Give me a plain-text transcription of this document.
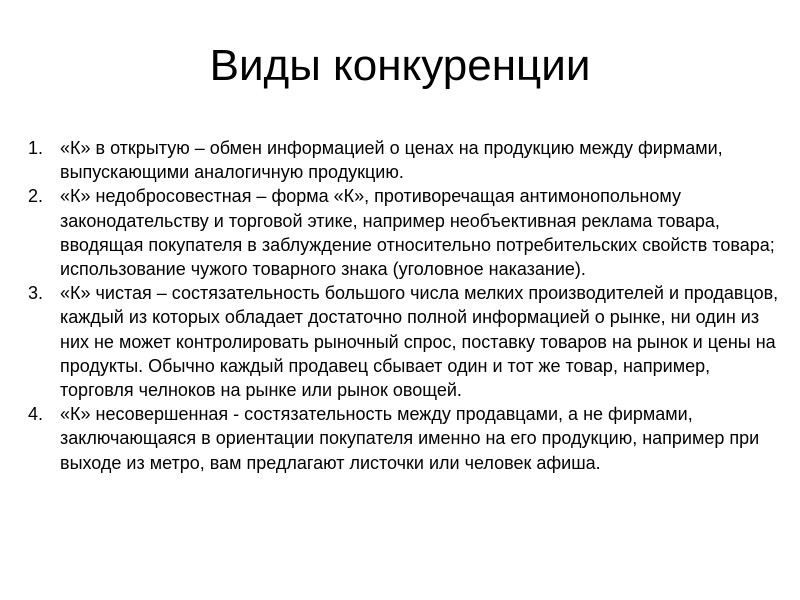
Виды конкуренции
1. «К» в открытую – обмен информацией о ценах на продукцию между фирмами, выпускающими аналогичную продукцию.
2. «К» недобросовестная – форма «К», противоречащая антимонопольному законодательству и торговой этике, например необъективная реклама товара, вводящая покупателя в заблуждение относительно потребительских свойств товара; использование чужого товарного знака (уголовное наказание).
3. «К» чистая – состязательность большого числа мелких производителей и продавцов, каждый из которых обладает достаточно полной информацией о рынке, ни один из них не может контролировать рыночный спрос, поставку товаров на рынок и цены на продукты. Обычно каждый продавец сбывает один и тот же товар, например, торговля челноков на рынке или рынок овощей.
4. «К» несовершенная - состязательность между продавцами, а не фирмами, заключающаяся в ориентации покупателя именно на его продукцию, например при выходе из метро, вам предлагают листочки или человек афиша.
